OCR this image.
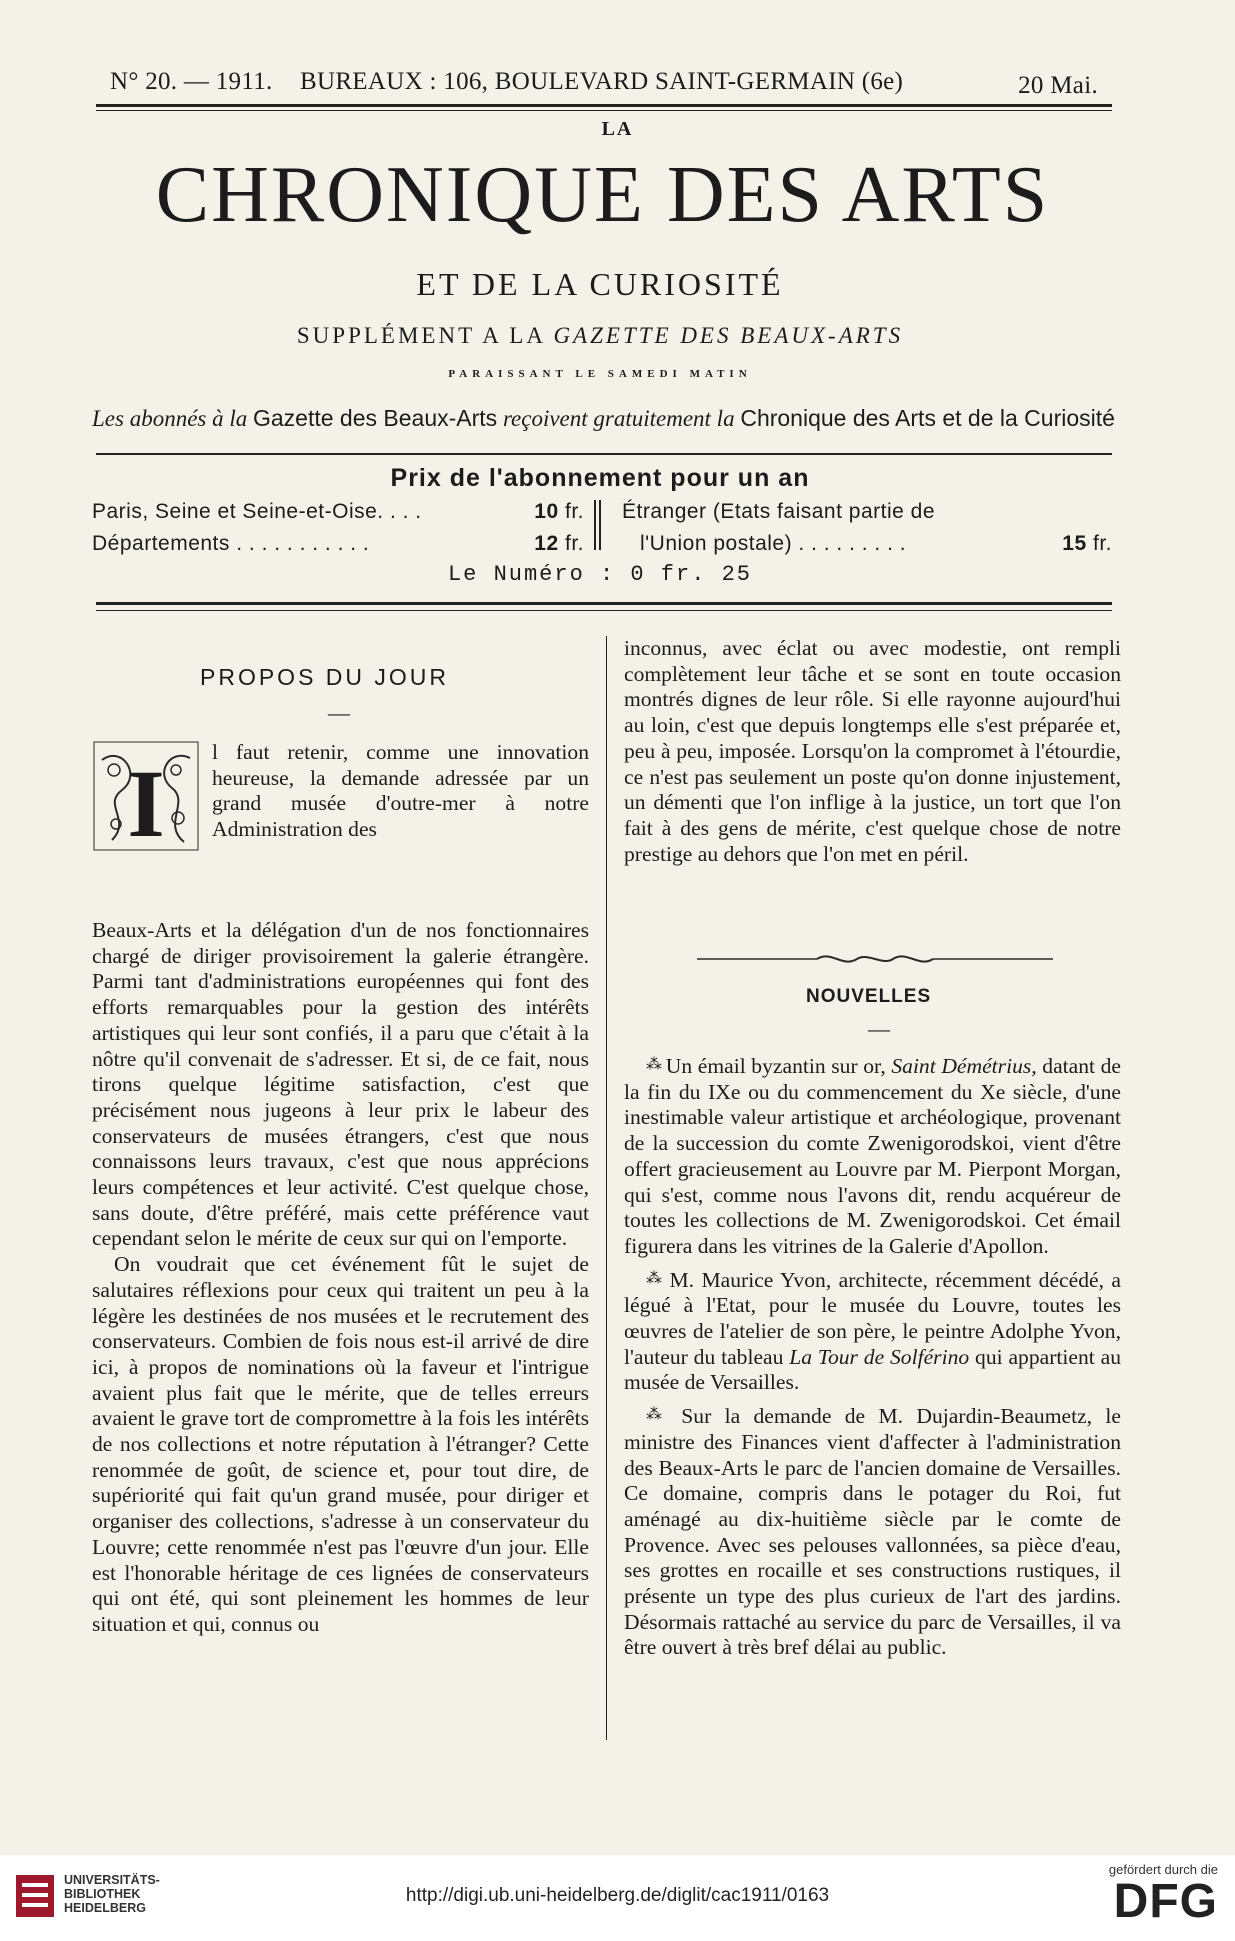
N° 20. — 1911. BUREAUX : 106, BOULEVARD SAINT-GERMAIN (6e)	20 Mai.
LA
CHRONIQUE DES ARTS
ET DE LA CURIOSITÉ
SUPPLÉMENT A LA GAZETTE DES BEAUX-ARTS
PARAISSANT LE SAMEDI MATIN
Les abonnés à la Gazette des Beaux-Arts reçoivent gratuitement la Chronique des Arts et de la Curiosité
Prix de l'abonnement pour un an
Paris, Seine et Seine-et-Oise. . . .	10 fr.
Départements . . . . . . . . . . .	12 fr.
Étranger (Etats faisant partie de
l'Union postale) . . . . . . . . .	15 fr.
Le Numéro : 0 fr. 25
PROPOS DU JOUR
—
I l faut retenir, comme une innovation heureuse, la demande adressée par un grand musée d'outre-mer à notre Administration des

Beaux-Arts et la délégation d'un de nos fonctionnaires chargé de diriger provisoirement la galerie étrangère. Parmi tant d'administrations européennes qui font des efforts remarquables pour la gestion des intérêts artistiques qui leur sont confiés, il a paru que c'était à la nôtre qu'il convenait de s'adresser. Et si, de ce fait, nous tirons quelque légitime satisfaction, c'est que précisément nous jugeons à leur prix le labeur des conservateurs de musées étrangers, c'est que nous connaissons leurs travaux, c'est que nous apprécions leurs compétences et leur activité. C'est quelque chose, sans doute, d'être préféré, mais cette préférence vaut cependant selon le mérite de ceux sur qui on l'emporte.

On voudrait que cet événement fût le sujet de salutaires réflexions pour ceux qui traitent un peu à la légère les destinées de nos musées et le recrutement des conservateurs. Combien de fois nous est-il arrivé de dire ici, à propos de nominations où la faveur et l'intrigue avaient plus fait que le mérite, que de telles erreurs avaient le grave tort de compromettre à la fois les intérêts de nos collections et notre réputation à l'étranger? Cette renommée de goût, de science et, pour tout dire, de supériorité qui fait qu'un grand musée, pour diriger et organiser des collections, s'adresse à un conservateur du Louvre; cette renommée n'est pas l'œuvre d'un jour. Elle est l'honorable héritage de ces lignées de conservateurs qui ont été, qui sont pleinement les hommes de leur situation et qui, connus ou

inconnus, avec éclat ou avec modestie, ont rempli complètement leur tâche et se sont en toute occasion montrés dignes de leur rôle. Si elle rayonne aujourd'hui au loin, c'est que depuis longtemps elle s'est préparée et, peu à peu, imposée. Lorsqu'on la compromet à l'étourdie, ce n'est pas seulement un poste qu'on donne injustement, un démenti que l'on inflige à la justice, un tort que l'on fait à des gens de mérite, c'est quelque chose de notre prestige au dehors que l'on met en péril.

NOUVELLES
—

⁂ Un émail byzantin sur or, Saint Démétrius, datant de la fin du IXe ou du commencement du Xe siècle, d'une inestimable valeur artistique et archéologique, provenant de la succession du comte Zwenigorodskoi, vient d'être offert gracieusement au Louvre par M. Pierpont Morgan, qui s'est, comme nous l'avons dit, rendu acquéreur de toutes les collections de M. Zwenigorodskoi. Cet émail figurera dans les vitrines de la Galerie d'Apollon.

⁂ M. Maurice Yvon, architecte, récemment décédé, a légué à l'Etat, pour le musée du Louvre, toutes les œuvres de l'atelier de son père, le peintre Adolphe Yvon, l'auteur du tableau La Tour de Solférino qui appartient au musée de Versailles.

⁂ Sur la demande de M. Dujardin-Beaumetz, le ministre des Finances vient d'affecter à l'administration des Beaux-Arts le parc de l'ancien domaine de Versailles. Ce domaine, compris dans le potager du Roi, fut aménagé au dix-huitième siècle par le comte de Provence. Avec ses pelouses vallonnées, sa pièce d'eau, ses grottes en rocaille et ses constructions rustiques, il présente un type des plus curieux de l'art des jardins. Désormais rattaché au service du parc de Versailles, il va être ouvert à très bref délai au public.

UNIVERSITÄTS-
BIBLIOTHEK
HEIDELBERG
http://digi.ub.uni-heidelberg.de/diglit/cac1911/0163
gefördert durch die
DFG
